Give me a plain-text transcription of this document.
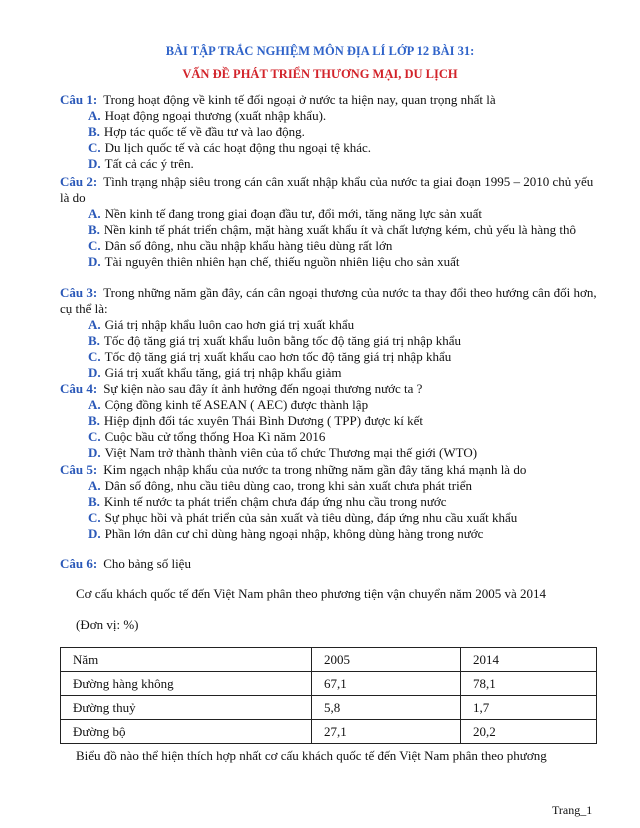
BÀI TẬP TRẮC NGHIỆM MÔN ĐỊA LÍ LỚP 12 BÀI 31:
VẤN ĐỀ PHÁT TRIỂN THƯƠNG MẠI, DU LỊCH
Câu 1: Trong hoạt động về kinh tế đối ngoại ở nước ta hiện nay, quan trọng nhất là
A. Hoạt động ngoại thương (xuất nhập khẩu).
B. Hợp tác quốc tế về đầu tư và lao động.
C. Du lịch quốc tế và các hoạt động thu ngoại tệ khác.
D. Tất cả các ý trên.
Câu 2: Tình trạng nhập siêu trong cán cân xuất nhập khẩu của nước ta giai đoạn 1995 – 2010 chủ yếu là do
A. Nền kinh tế đang trong giai đoạn đầu tư, đổi mới, tăng năng lực sản xuất
B. Nền kinh tế phát triển chậm, mặt hàng xuất khẩu ít và chất lượng kém, chủ yếu là hàng thô
C. Dân số đông, nhu cầu nhập khẩu hàng tiêu dùng rất lớn
D. Tài nguyên thiên nhiên hạn chế, thiếu nguồn nhiên liệu cho sản xuất
Câu 3: Trong những năm gần đây, cán cân ngoại thương của nước ta thay đổi theo hướng cân đối hơn, cụ thể là:
A. Giá trị nhập khẩu luôn cao hơn giá trị xuất khẩu
B. Tốc độ tăng giá trị xuất khẩu luôn bằng tốc độ tăng giá trị nhập khẩu
C. Tốc độ tăng giá trị xuất khẩu cao hơn tốc độ tăng giá trị nhập khẩu
D. Giá trị xuất khẩu tăng, giá trị nhập khẩu giảm
Câu 4: Sự kiện nào sau đây ít ảnh hưởng đến ngoại thương nước ta ?
A. Cộng đồng kinh tế ASEAN ( AEC) được thành lập
B. Hiệp định đối tác xuyên Thái Bình Dương ( TPP) được kí kết
C. Cuộc bầu cử tổng thống Hoa Kì năm 2016
D. Việt Nam trở thành thành viên của tổ chức Thương mại thế giới (WTO)
Câu 5: Kim ngạch nhập khẩu của nước ta trong những năm gần đây tăng khá mạnh là do
A. Dân số đông, nhu cầu tiêu dùng cao, trong khi sản xuất chưa phát triển
B. Kinh tế nước ta phát triển chậm chưa đáp ứng nhu cầu trong nước
C. Sự phục hồi và phát triển của sản xuất và tiêu dùng, đáp ứng nhu cầu xuất khẩu
D. Phần lớn dân cư chỉ dùng hàng ngoại nhập, không dùng hàng trong nước
Câu 6: Cho bảng số liệu
Cơ cấu khách quốc tế đến Việt Nam phân theo phương tiện vận chuyển năm 2005 và 2014
(Đơn vị: %)
Năm	2005	2014
Đường hàng không	67,1	78,1
Đường thuỷ	5,8	1,7
Đường bộ	27,1	20,2
Biểu đồ nào thể hiện thích hợp nhất cơ cấu khách quốc tế đến Việt Nam phân theo phương
Trang_1
